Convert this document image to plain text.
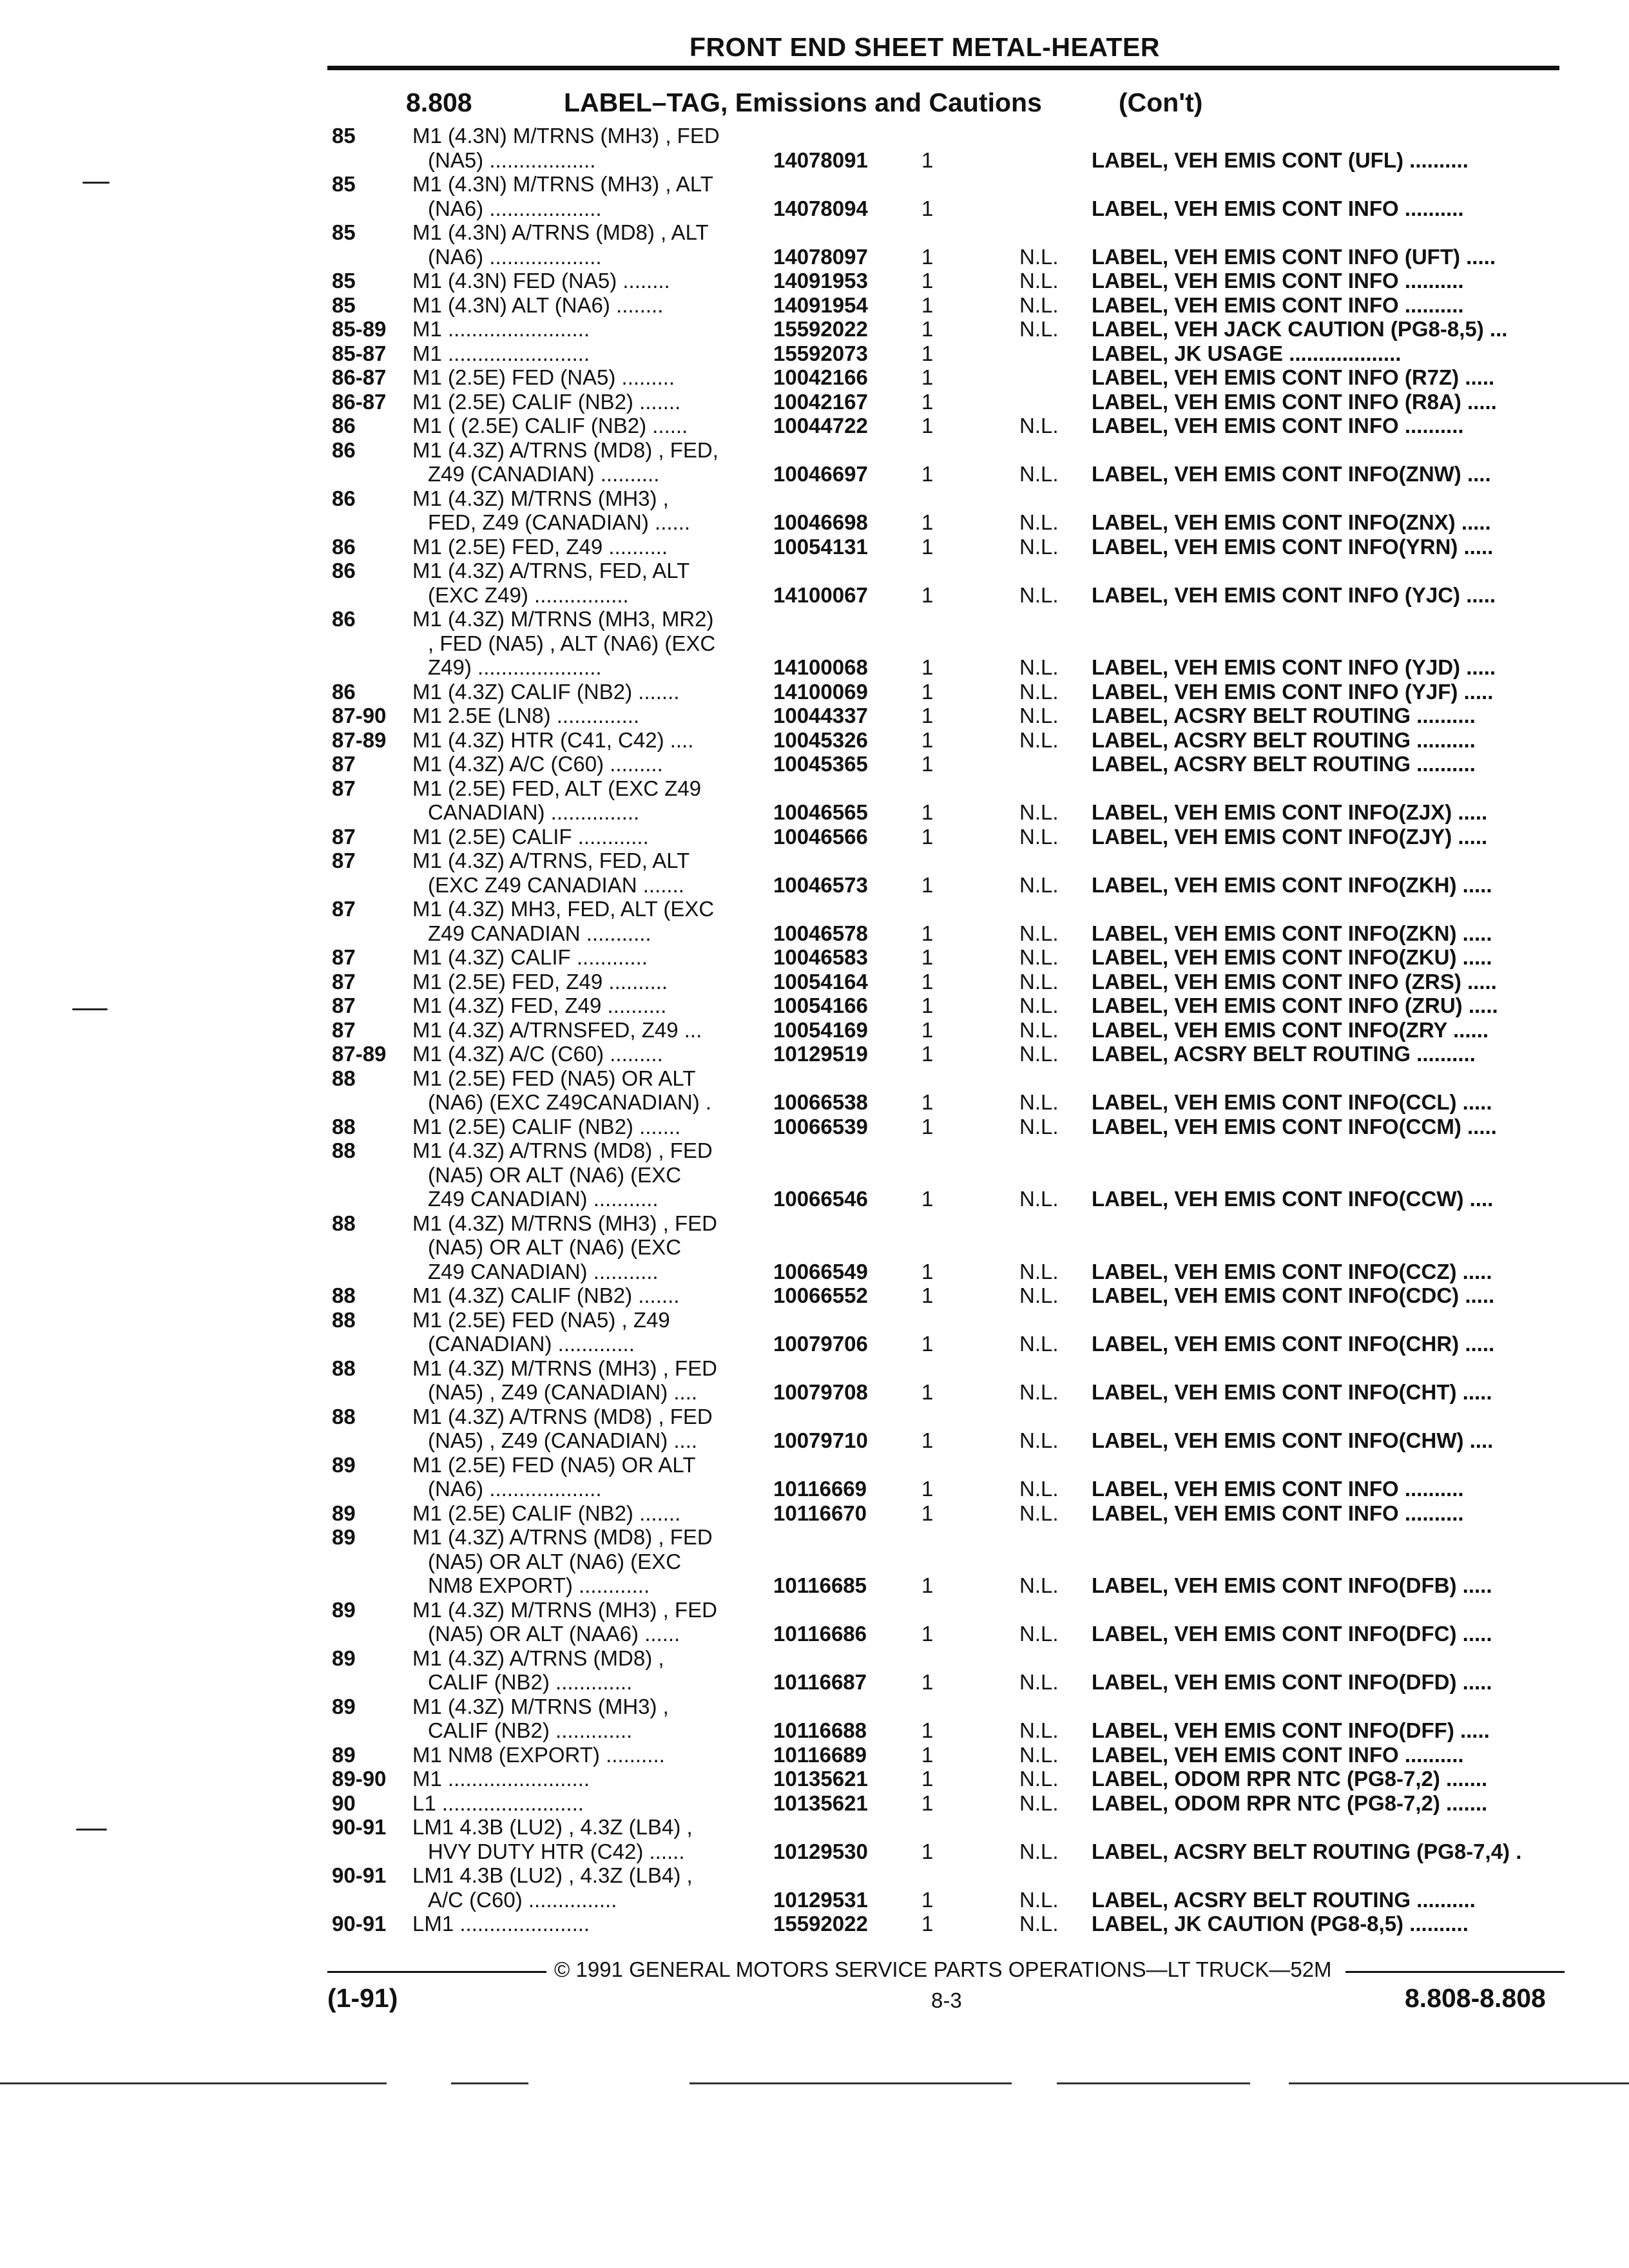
FRONT END SHEET METAL-HEATER
8.808	LABEL–TAG, Emissions and Cautions	(Con't)
85	M1 (4.3N) M/TRNS (MH3) , FED
(NA5) ..................	14078091	1	LABEL, VEH EMIS CONT (UFL) ..........
85	M1 (4.3N) M/TRNS (MH3) , ALT
(NA6) ...................	14078094	1	LABEL, VEH EMIS CONT INFO ..........
85	M1 (4.3N) A/TRNS (MD8) , ALT
(NA6) ...................	14078097	1	N.L. LABEL, VEH EMIS CONT INFO (UFT) .....
85	M1 (4.3N) FED (NA5) ........	14091953	1	N.L. LABEL, VEH EMIS CONT INFO ..........
85	M1 (4.3N) ALT (NA6) ........	14091954	1	N.L. LABEL, VEH EMIS CONT INFO ..........
85-89	M1 ........................	15592022	1	N.L. LABEL, VEH JACK CAUTION (PG8-8,5) ...
85-87	M1 ........................	15592073	1	LABEL, JK USAGE ...................
86-87	M1 (2.5E) FED (NA5) .........	10042166	1	LABEL, VEH EMIS CONT INFO (R7Z) .....
86-87	M1 (2.5E) CALIF (NB2) .......	10042167	1	LABEL, VEH EMIS CONT INFO (R8A) .....
86	M1 ( (2.5E) CALIF (NB2) ......	10044722	1	N.L. LABEL, VEH EMIS CONT INFO ..........
86	M1 (4.3Z) A/TRNS (MD8) , FED,
Z49 (CANADIAN) ..........	10046697	1	N.L. LABEL, VEH EMIS CONT INFO(ZNW) ....
86	M1 (4.3Z) M/TRNS (MH3) ,
FED, Z49 (CANADIAN) ......	10046698	1	N.L. LABEL, VEH EMIS CONT INFO(ZNX) .....
86	M1 (2.5E) FED, Z49 ..........	10054131	1	N.L. LABEL, VEH EMIS CONT INFO(YRN) .....
86	M1 (4.3Z) A/TRNS, FED, ALT
(EXC Z49) ................	14100067	1	N.L. LABEL, VEH EMIS CONT INFO (YJC) .....
86	M1 (4.3Z) M/TRNS (MH3, MR2)
, FED (NA5) , ALT (NA6) (EXC
Z49) .....................	14100068	1	N.L. LABEL, VEH EMIS CONT INFO (YJD) .....
86	M1 (4.3Z) CALIF (NB2) .......	14100069	1	N.L. LABEL, VEH EMIS CONT INFO (YJF) .....
87-90	M1 2.5E (LN8) ..............	10044337	1	N.L. LABEL, ACSRY BELT ROUTING ..........
87-89	M1 (4.3Z) HTR (C41, C42) ....	10045326	1	N.L. LABEL, ACSRY BELT ROUTING ..........
87	M1 (4.3Z) A/C (C60) .........	10045365	1	LABEL, ACSRY BELT ROUTING ..........
87	M1 (2.5E) FED, ALT (EXC Z49
CANADIAN) ...............	10046565	1	N.L. LABEL, VEH EMIS CONT INFO(ZJX) .....
87	M1 (2.5E) CALIF ............	10046566	1	N.L. LABEL, VEH EMIS CONT INFO(ZJY) .....
87	M1 (4.3Z) A/TRNS, FED, ALT
(EXC Z49 CANADIAN .......	10046573	1	N.L. LABEL, VEH EMIS CONT INFO(ZKH) .....
87	M1 (4.3Z) MH3, FED, ALT (EXC
Z49 CANADIAN ...........	10046578	1	N.L. LABEL, VEH EMIS CONT INFO(ZKN) .....
87	M1 (4.3Z) CALIF ............	10046583	1	N.L. LABEL, VEH EMIS CONT INFO(ZKU) .....
87	M1 (2.5E) FED, Z49 ..........	10054164	1	N.L. LABEL, VEH EMIS CONT INFO (ZRS) .....
87	M1 (4.3Z) FED, Z49 ..........	10054166	1	N.L. LABEL, VEH EMIS CONT INFO (ZRU) .....
87	M1 (4.3Z) A/TRNSFED, Z49 ...	10054169	1	N.L. LABEL, VEH EMIS CONT INFO(ZRY ......
87-89	M1 (4.3Z) A/C (C60) .........	10129519	1	N.L. LABEL, ACSRY BELT ROUTING ..........
88	M1 (2.5E) FED (NA5) OR ALT
(NA6) (EXC Z49CANADIAN) .	10066538	1	N.L. LABEL, VEH EMIS CONT INFO(CCL) .....
88	M1 (2.5E) CALIF (NB2) .......	10066539	1	N.L. LABEL, VEH EMIS CONT INFO(CCM) .....
88	M1 (4.3Z) A/TRNS (MD8) , FED
(NA5) OR ALT (NA6) (EXC
Z49 CANADIAN) ...........	10066546	1	N.L. LABEL, VEH EMIS CONT INFO(CCW) ....
88	M1 (4.3Z) M/TRNS (MH3) , FED
(NA5) OR ALT (NA6) (EXC
Z49 CANADIAN) ...........	10066549	1	N.L. LABEL, VEH EMIS CONT INFO(CCZ) .....
88	M1 (4.3Z) CALIF (NB2) .......	10066552	1	N.L. LABEL, VEH EMIS CONT INFO(CDC) .....
88	M1 (2.5E) FED (NA5) , Z49
(CANADIAN) .............	10079706	1	N.L. LABEL, VEH EMIS CONT INFO(CHR) .....
88	M1 (4.3Z) M/TRNS (MH3) , FED
(NA5) , Z49 (CANADIAN) ....	10079708	1	N.L. LABEL, VEH EMIS CONT INFO(CHT) .....
88	M1 (4.3Z) A/TRNS (MD8) , FED
(NA5) , Z49 (CANADIAN) ....	10079710	1	N.L. LABEL, VEH EMIS CONT INFO(CHW) ....
89	M1 (2.5E) FED (NA5) OR ALT
(NA6) ...................	10116669	1	N.L. LABEL, VEH EMIS CONT INFO ..........
89	M1 (2.5E) CALIF (NB2) .......	10116670	1	N.L. LABEL, VEH EMIS CONT INFO ..........
89	M1 (4.3Z) A/TRNS (MD8) , FED
(NA5) OR ALT (NA6) (EXC
NM8 EXPORT) ............	10116685	1	N.L. LABEL, VEH EMIS CONT INFO(DFB) .....
89	M1 (4.3Z) M/TRNS (MH3) , FED
(NA5) OR ALT (NAA6) ......	10116686	1	N.L. LABEL, VEH EMIS CONT INFO(DFC) .....
89	M1 (4.3Z) A/TRNS (MD8) ,
CALIF (NB2) .............	10116687	1	N.L. LABEL, VEH EMIS CONT INFO(DFD) .....
89	M1 (4.3Z) M/TRNS (MH3) ,
CALIF (NB2) .............	10116688	1	N.L. LABEL, VEH EMIS CONT INFO(DFF) .....
89	M1 NM8 (EXPORT) ..........	10116689	1	N.L. LABEL, VEH EMIS CONT INFO ..........
89-90	M1 ........................	10135621	1	N.L. LABEL, ODOM RPR NTC (PG8-7,2) .......
90	L1 ........................	10135621	1	N.L. LABEL, ODOM RPR NTC (PG8-7,2) .......
90-91	LM1 4.3B (LU2) , 4.3Z (LB4) ,
HVY DUTY HTR (C42) ......	10129530	1	N.L. LABEL, ACSRY BELT ROUTING (PG8-7,4) .
90-91	LM1 4.3B (LU2) , 4.3Z (LB4) ,
A/C (C60) ...............	10129531	1	N.L. LABEL, ACSRY BELT ROUTING ..........
90-91	LM1 ......................	15592022	1	N.L. LABEL, JK CAUTION (PG8-8,5) ..........
© 1991 GENERAL MOTORS SERVICE PARTS OPERATIONS—LT TRUCK—52M
(1-91)	8-3	8.808-8.808
